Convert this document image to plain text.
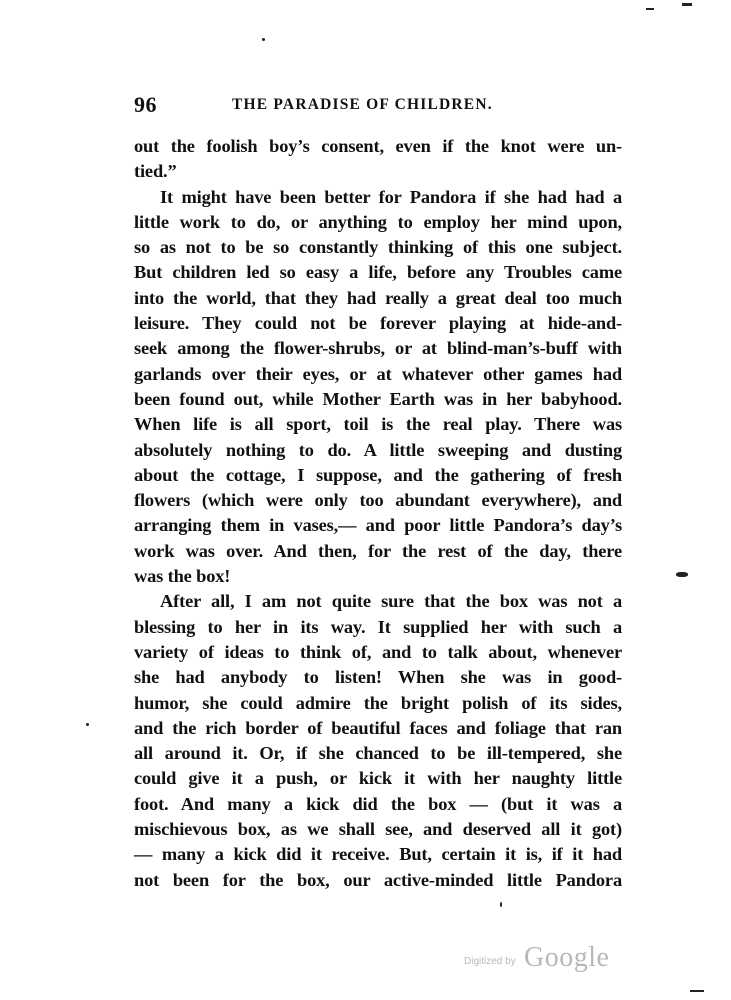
96	THE PARADISE OF CHILDREN.
out the foolish boy’s consent, even if the knot were un-
tied.”
It might have been better for Pandora if she had had a
little work to do, or anything to employ her mind upon,
so as not to be so constantly thinking of this one subject.
But children led so easy a life, before any Troubles came
into the world, that they had really a great deal too much
leisure. They could not be forever playing at hide-and-
seek among the flower-shrubs, or at blind-man’s-buff with
garlands over their eyes, or at whatever other games had
been found out, while Mother Earth was in her babyhood.
When life is all sport, toil is the real play. There was
absolutely nothing to do. A little sweeping and dusting
about the cottage, I suppose, and the gathering of fresh
flowers (which were only too abundant everywhere), and
arranging them in vases,— and poor little Pandora’s day’s
work was over. And then, for the rest of the day, there
was the box!
After all, I am not quite sure that the box was not a
blessing to her in its way. It supplied her with such a
variety of ideas to think of, and to talk about, whenever
she had anybody to listen! When she was in good-
humor, she could admire the bright polish of its sides,
and the rich border of beautiful faces and foliage that ran
all around it. Or, if she chanced to be ill-tempered, she
could give it a push, or kick it with her naughty little
foot. And many a kick did the box — (but it was a
mischievous box, as we shall see, and deserved all it got)
— many a kick did it receive. But, certain it is, if it had
not been for the box, our active-minded little Pandora
Digitized by Google
